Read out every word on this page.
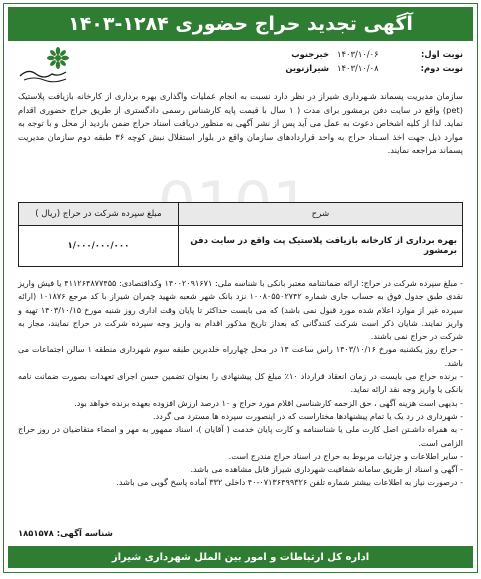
آگهی تجدید حراج حضوری ۱۲۸۴-۱۴۰۳
نوبت اول:
۱۴۰۳/۱۰/۰۶
خبرجنوب
نوبت دوم:
۱۴۰۳/۱۰/۰۸
شیرازنوین
سازمان مدیریت پسماند شـهرداری شیراز در نظر دارد نسبت به انجام عملیات واگذاری بهره برداری از کارخانه بازیافت پلاستیک (pet) واقع در سایت دفن برمشور برای مدت ( ۱ سال با قیمت پایه کارشناس رسمی دادگستری از طریق حراج حضوری اقدام نماید. لذا از کلیه اشخاص دعوت به عمل می آید پس از نشر آگهی به منظور دریافت اسناد حراج ضمن بازدید از محل و با توجه به موارد ذیل جهت اخذ اسـناد حراج به واحد قراردادهای سازمان واقع در بلوار استقلال نبش کوچه ۳۶ طبقه دوم سازمان مدیریت پسماند مراجعه نمایند.
شرح	مبلغ سپرده شرکت در حراج (ریال )
بهره برداری از کارخانه بازیافت پلاستیک پت واقع در سایت دفن برمشور	۱/۰۰۰/۰۰۰/۰۰۰

- مبلغ سپرده شرکت در حراج: ارائه ضمانتنامه معتبر بانکی با شناسه ملی: ۱۴۰۰۲۰۹۱۶۷۱ وکداقتصادی: ۴۱۱۲۶۴۸۷۷۴۵۵ یا فیش واریز نقدی طبق جدول فوق به حساب جاری شماره ۱۰۰۸۰۵۵۰۲۷۴۲ نزد بانک شهر شعبه شهید چمران شیراز با کد مرجع ۱۰۱۸۷۶ (ارائه سپرده غیر از موارد اعلام شده مورد قبول نمی باشد) که می بایست حداکثر تا پایان وقت اداری روز شنبه مورخ ۱۴۰۳/۱۰/۱۵ تهیه و واریز نمایند. شایان ذکر است شرکت کنندگانی که بعداز تاریخ مذکور اقدام به واریز وجه سپرده شرکت در حراج نمایند، مجاز به شرکت در حراج نمی باشند.

- حراج روز یکشنبه مورخ ۱۴۰۳/۱۰/۱۶ راس ساعت ۱۴ در محل چهارراه خلدبرین طبقه سوم شهرداری منطقه ۱ سالن اجتماعات می باشد.

- برنده حراج می بایست در زمان انعقاد قرارداد ۱۰٪ مبلغ کل پیشنهادی را بعنوان تضمین حسن اجرای تعهدات بصورت ضمانت نامه بانکی یا واریز وجه نقد ارائه نماید.

- بدیهی است هزینه آگهی ، حق الزحمه کارشناسی اقلام مورد حراج و ۱۰ درصد ارزش افزوده بعهده برنده خواهد بود.

- شهرداری در رد یک یا تمام پیشنهادها مختاراست که در اینصورت سپرده ها مسترد می گردد.

- به همراه داشـتن اصل کارت ملی یا شناسنامه و کارت پایان خدمت ( آقایان )، اسناد ممهور به مهر و امضاء متقاضیان در روز حراج الزامی است.

- سایر اطلاعات و جزئیات مربوط به حراج در اسناد حراج مندرج است.

- آگهی و اسناد از طریق سامانه شفافیت شهرداری شیراز قابل مشاهده می باشد.

- درصورت نیاز به اطلاعات بیشتر شماره تلفن ۰۷۱۳۶۴۹۹۳۲۶-۴۰ داخلی ۳۳۲ آماده پاسخ گویی می باشد.

شناسه آگهی: ۱۸۵۱۵۷۸
اداره کل ارتباطات و امور بین الملل شهرداری شیراز
